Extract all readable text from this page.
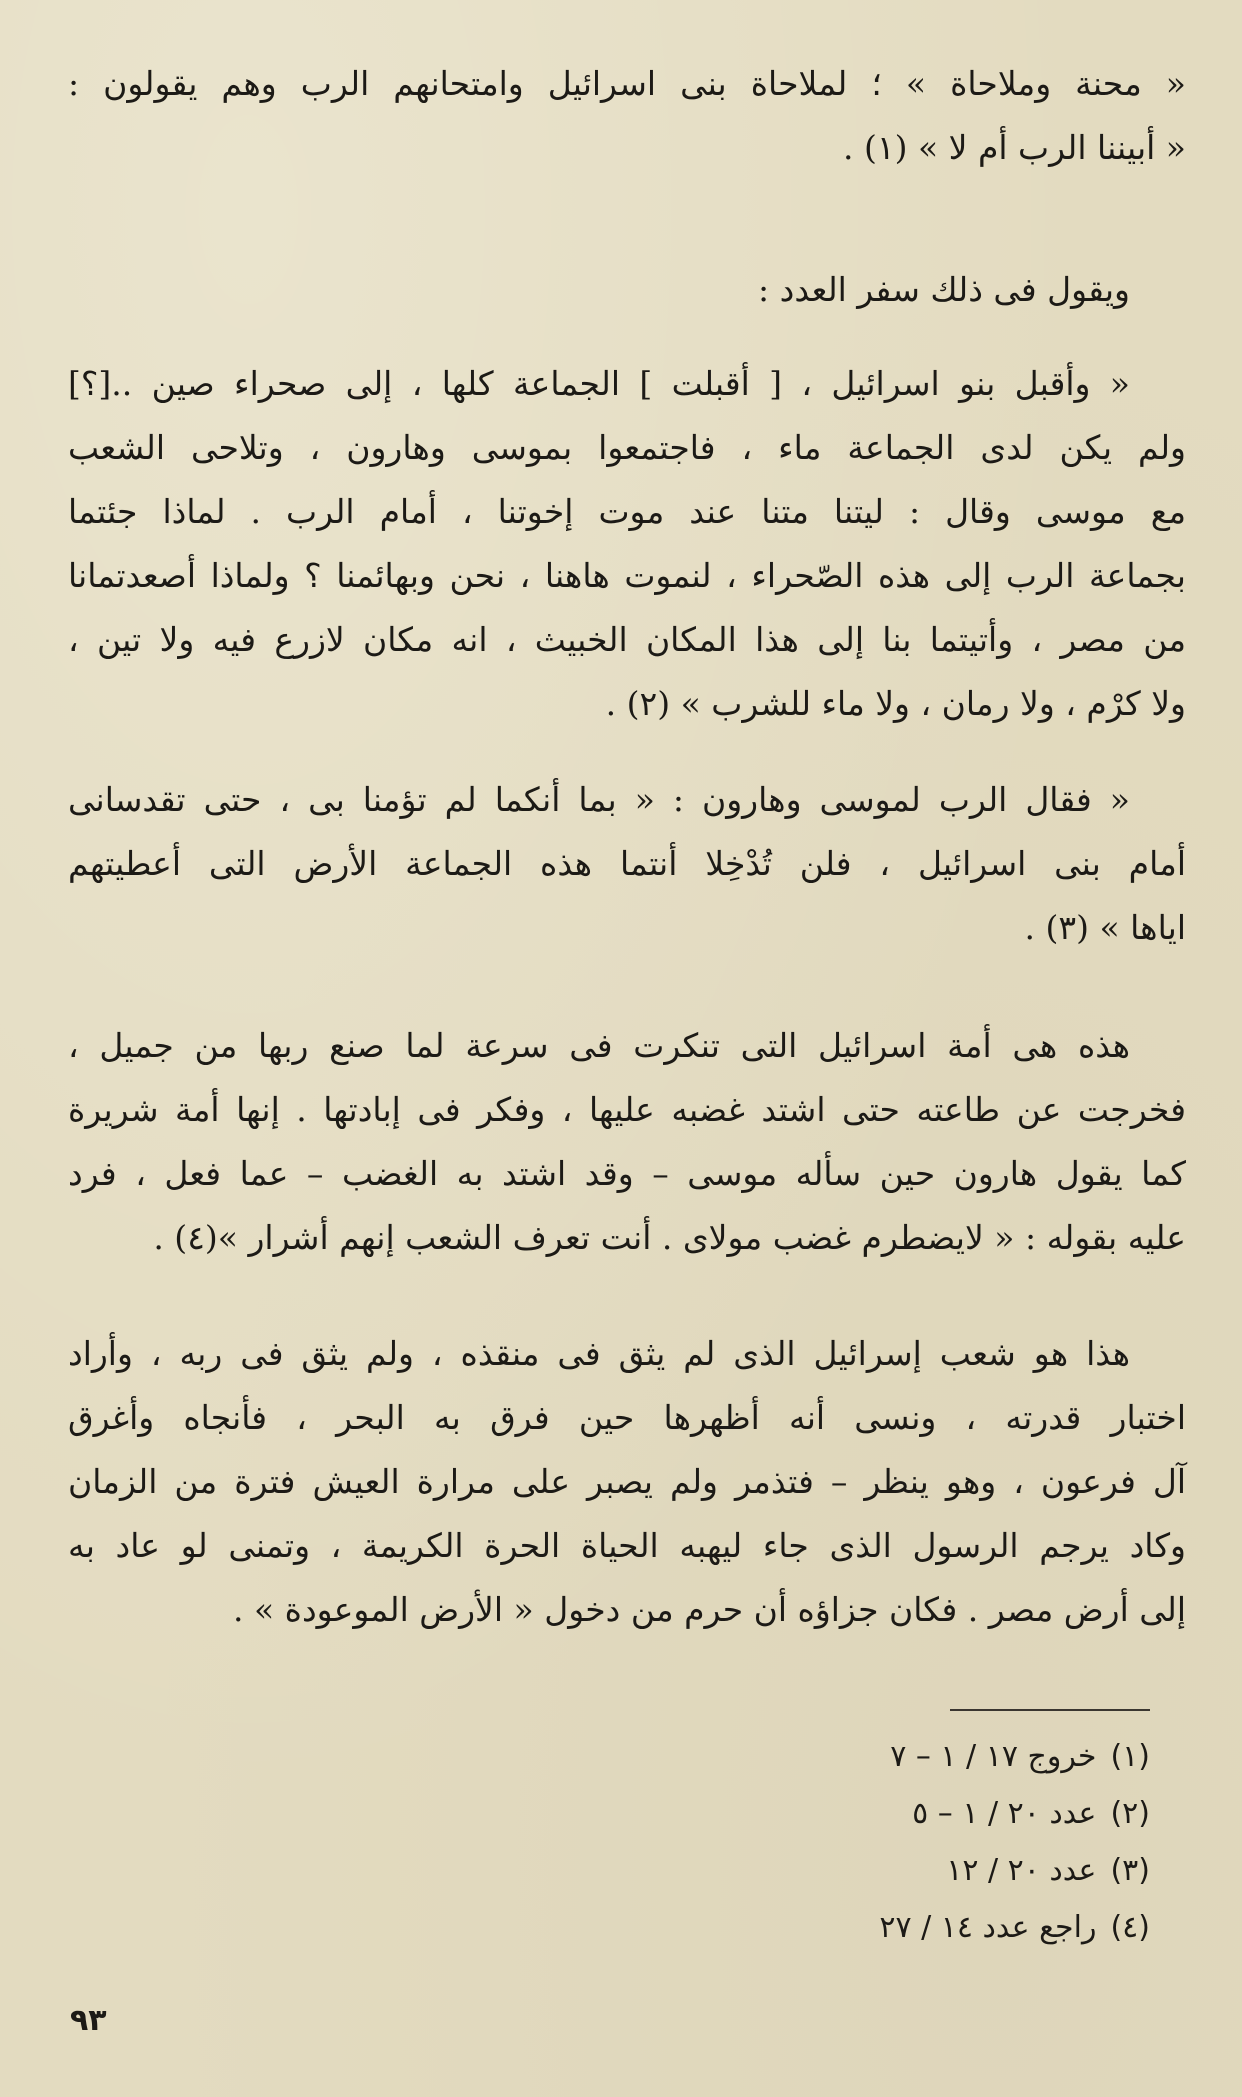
« محنة وملاحاة » ؛ لملاحاة بنى اسرائيل وامتحانهم الرب وهم يقولون :
« أبيننا الرب أم لا » (١) .

ويقول فى ذلك سفر العدد :

« وأقبل بنو اسرائيل ، [ أقبلت ] الجماعة كلها ، إلى صحراء صين ..[؟]
ولم يكن لدى الجماعة ماء ، فاجتمعوا بموسى وهارون ، وتلاحى الشعب
مع موسى وقال : ليتنا متنا عند موت إخوتنا ، أمام الرب . لماذا جئتما
بجماعة الرب إلى هذه الصّحراء ، لنموت هاهنا ، نحن وبهائمنا ؟ ولماذا أصعدتمانا
من مصر ، وأتيتما بنا إلى هذا المكان الخبيث ، انه مكان لازرع فيه ولا تين ،
ولا كرْم ، ولا رمان ، ولا ماء للشرب » (٢) .

« فقال الرب لموسى وهارون : « بما أنكما لم تؤمنا بى ، حتى تقدسانى
أمام بنى اسرائيل ، فلن تُدْخِلا أنتما هذه الجماعة الأرض التى أعطيتهم
اياها » (٣) .

هذه هى أمة اسرائيل التى تنكرت فى سرعة لما صنع ربها من جميل ،
فخرجت عن طاعته حتى اشتد غضبه عليها ، وفكر فى إبادتها . إنها أمة شريرة
كما يقول هارون حين سأله موسى – وقد اشتد به الغضب – عما فعل ، فرد
عليه بقوله : « لايضطرم غضب مولاى . أنت تعرف الشعب إنهم أشرار »(٤) .

هذا هو شعب إسرائيل الذى لم يثق فى منقذه ، ولم يثق فى ربه ، وأراد
اختبار قدرته ، ونسى أنه أظهرها حين فرق به البحر ، فأنجاه وأغرق
آل فرعون ، وهو ينظر – فتذمر ولم يصبر على مرارة العيش فترة من الزمان
وكاد يرجم الرسول الذى جاء ليهبه الحياة الحرة الكريمة ، وتمنى لو عاد به
إلى أرض مصر . فكان جزاؤه أن حرم من دخول « الأرض الموعودة » .

(١)خروج ١٧ / ١ – ٧
(٢)عدد ٢٠ / ١ – ٥
(٣)عدد ٢٠ / ١٢
(٤)راجع عدد ١٤ / ٢٧
٩٣
